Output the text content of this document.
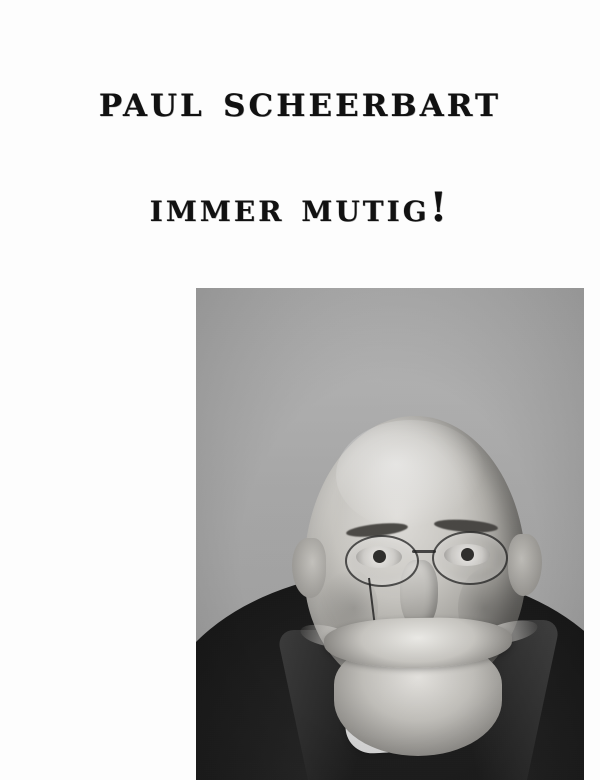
paul scheerbart
immer mutig!
